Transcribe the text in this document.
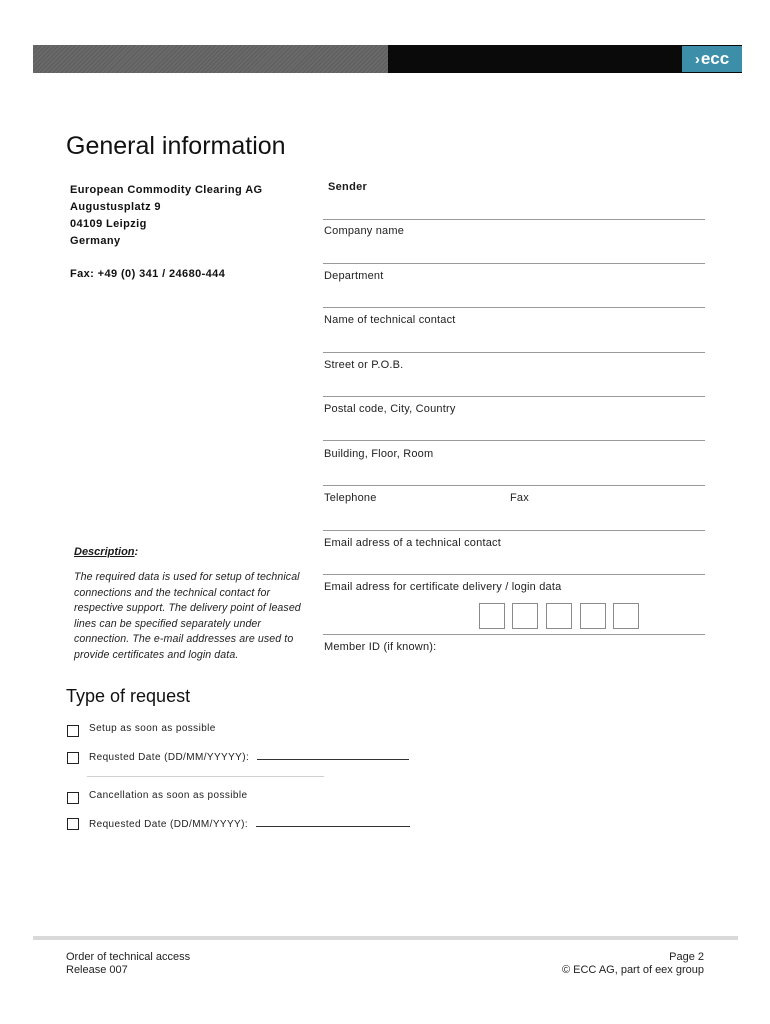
›ecc
General information
European Commodity Clearing AG
Augustusplatz 9
04109 Leipzig
Germany
Fax: +49 (0) 341 / 24680-444
Sender
Company name
Department
Name of technical contact
Street or P.O.B.
Postal code, City, Country
Building, Floor, Room
Telephone	Fax
Email adress of a technical contact
Email adress for certificate delivery / login data
Member ID (if known):
Description:
The required data is used for setup of technical connections and the technical contact for respective support. The delivery point of leased lines can be specified separately under connection. The e-mail addresses are used to provide certificates and login data.
Type of request
Setup as soon as possible
Requsted Date (DD/MM/YYYYY):
Cancellation as soon as possible
Requested Date (DD/MM/YYYY):
Order of technical access
Release 007
Page 2
© ECC AG, part of eex group
